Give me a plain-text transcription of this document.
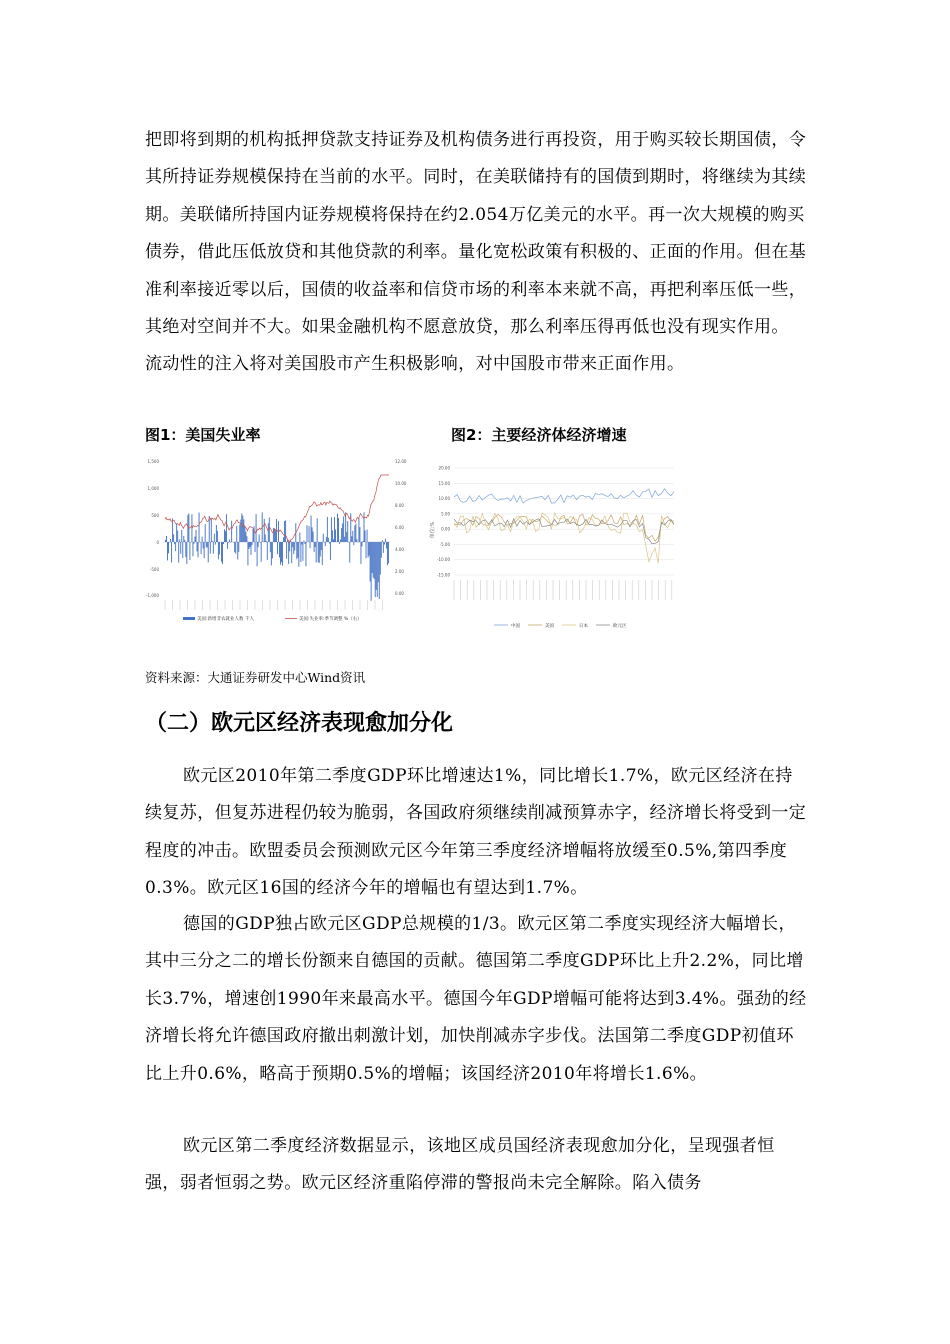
把即将到期的机构抵押贷款支持证券及机构债务进行再投资，用于购买较长期国债，令其所持证券规模保持在当前的水平。同时，在美联储持有的国债到期时，将继续为其续期。美联储所持国内证券规模将保持在约2.054万亿美元的水平。再一次大规模的购买债券，借此压低放贷和其他贷款的利率。量化宽松政策有积极的、正面的作用。但在基准利率接近零以后，国债的收益率和信贷市场的利率本来就不高，再把利率压低一些，其绝对空间并不大。如果金融机构不愿意放贷，那么利率压得再低也没有现实作用。 流动性的注入将对美国股市产生积极影响，对中国股市带来正面作用。

图1：美国失业率	图2：主要经济体经济增速
1,500
1,000
500
0
-500
-1,000
12.00
10.00
8.00
6.00
4.00
2.00
0.00
美国:新增非农就业人数 千人	美国:失业率:季节调整 %（右）
单位:%
20.00
15.00
10.00
5.00
0.00
-5.00
-10.00
-15.00
中国	美国	日本	欧元区
资料来源：大通证券研发中心Wind资讯
（二）欧元区经济表现愈加分化

欧元区2010年第二季度GDP环比增速达1%，同比增长1.7%，欧元区经济在持续复苏，但复苏进程仍较为脆弱，各国政府须继续削减预算赤字，经济增长将受到一定程度的冲击。欧盟委员会预测欧元区今年第三季度经济增幅将放缓至0.5%,第四季度0.3%。欧元区16国的经济今年的增幅也有望达到1.7%。

德国的GDP独占欧元区GDP总规模的1/3。欧元区第二季度实现经济大幅增长，其中三分之二的增长份额来自德国的贡献。德国第二季度GDP环比上升2.2%，同比增长3.7%，增速创1990年来最高水平。德国今年GDP增幅可能将达到3.4%。强劲的经济增长将允许德国政府撤出刺激计划，加快削减赤字步伐。法国第二季度GDP初值环比上升0.6%，略高于预期0.5%的增幅；该国经济2010年将增长1.6%。

欧元区第二季度经济数据显示，该地区成员国经济表现愈加分化，呈现强者恒强，弱者恒弱之势。欧元区经济重陷停滞的警报尚未完全解除。陷入债务
